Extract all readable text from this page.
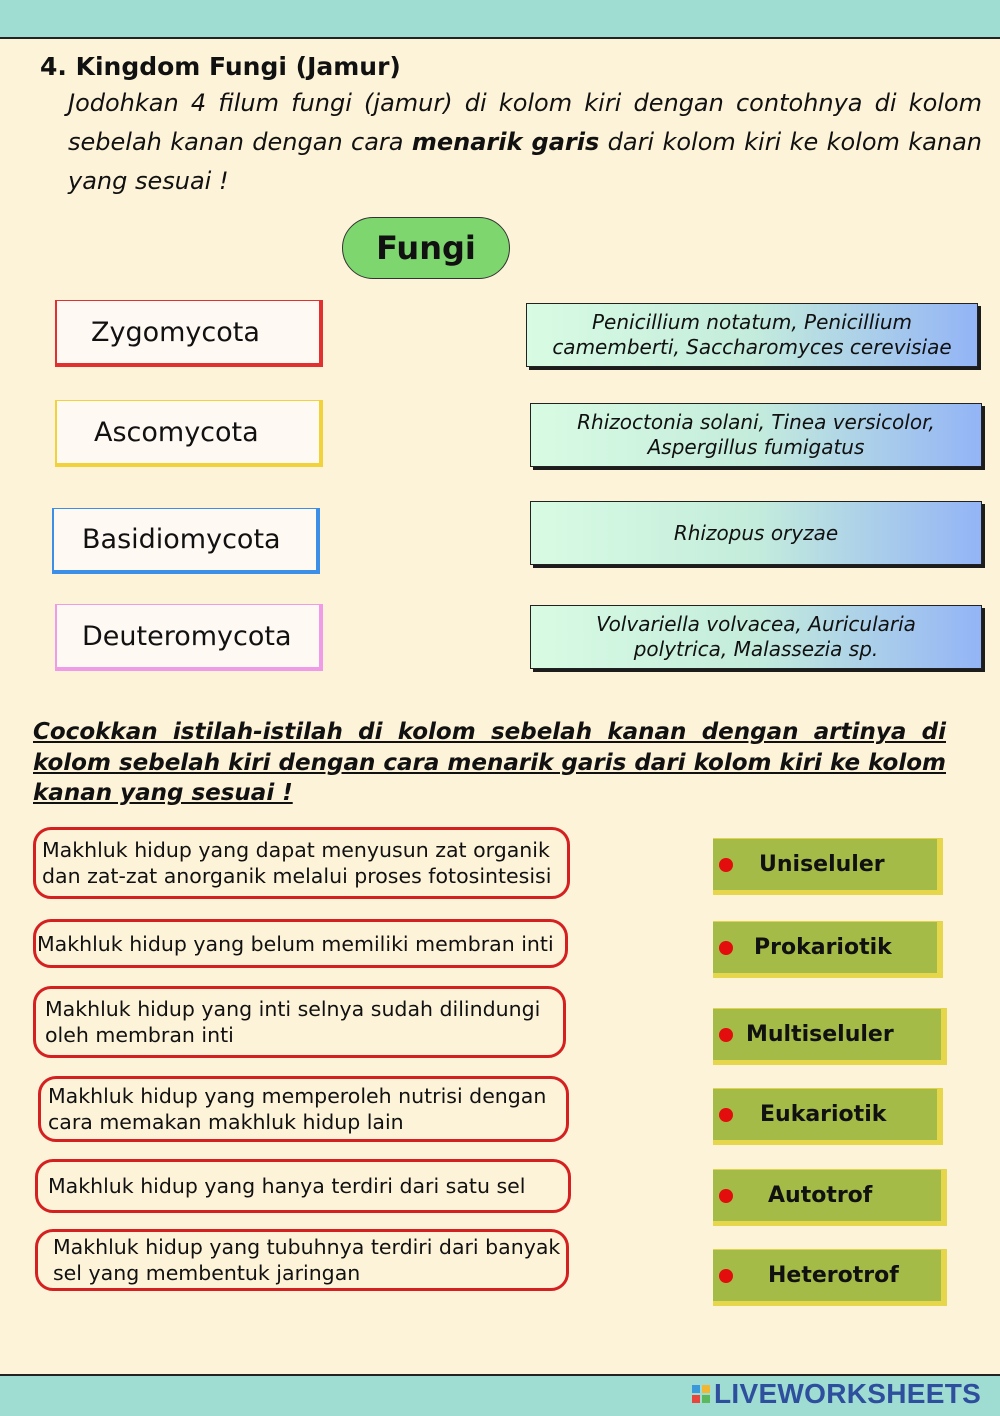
4. Kingdom Fungi (Jamur)
Jodohkan 4 filum fungi (jamur) di kolom kiri dengan contohnya di kolom sebelah kanan dengan cara menarik garis dari kolom kiri ke kolom kanan yang sesuai !
Fungi
Zygomycota
Ascomycota
Basidiomycota
Deuteromycota
Penicillium notatum, Penicillium
camemberti, Saccharomyces cerevisiae
Rhizoctonia solani, Tinea versicolor,
Aspergillus fumigatus
Rhizopus oryzae
Volvariella volvacea, Auricularia
polytrica, Malassezia sp.
Cocokkan istilah-istilah di kolom sebelah kanan dengan artinya di kolom sebelah kiri dengan cara menarik garis dari kolom kiri ke kolom kanan yang sesuai !
Makhluk hidup yang dapat menyusun zat organik
dan zat-zat anorganik melalui proses fotosintesisi
Makhluk hidup yang belum memiliki membran inti
Makhluk hidup yang inti selnya sudah dilindungi
oleh membran inti
Makhluk hidup yang memperoleh nutrisi dengan
cara memakan makhluk hidup lain
Makhluk hidup yang hanya terdiri dari satu sel
Makhluk hidup yang tubuhnya terdiri dari banyak
sel yang membentuk jaringan
Uniseluler
Prokariotik
Multiseluler
Eukariotik
Autotrof
Heterotrof
LIVEWORKSHEETS
